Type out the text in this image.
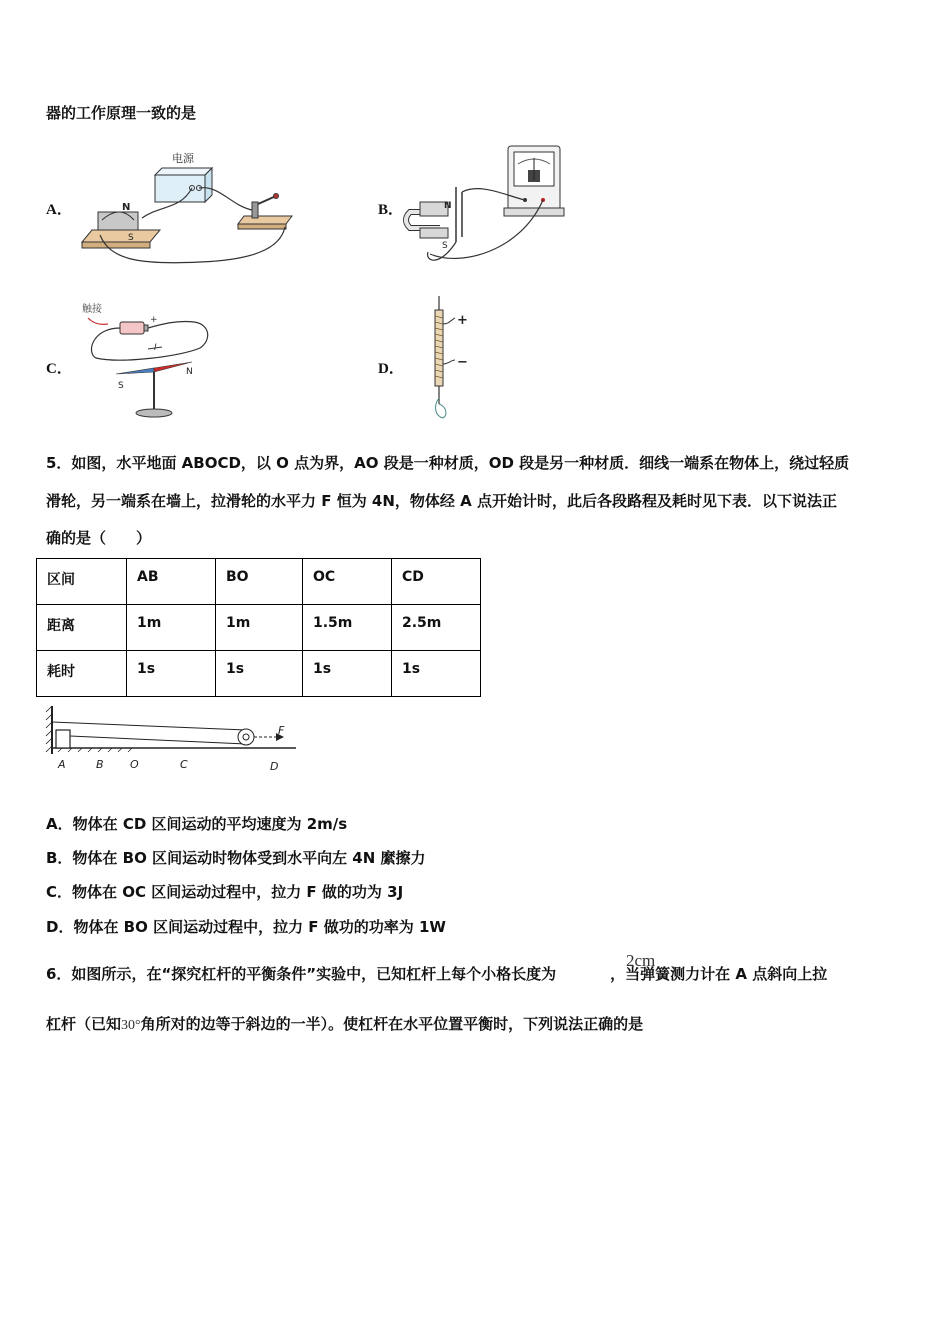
器的工作原理一致的是
A．
电源
N
S
B．	N
S
C．
触接
+
S
N	D．
+
−
5．如图，水平地面 ABOCD，以 O 点为界，AO 段是一种材质，OD 段是另一种材质．细线一端系在物体上，绕过轻质
滑轮，另一端系在墙上，拉滑轮的水平力 F 恒为 4N，物体经 A 点开始计时，此后各段路程及耗时见下表．以下说法正
确的是（　　）
区间	AB	BO	OC	CD
距离	1m	1m	1.5m	2.5m
耗时	1s	1s	1s	1s
F
A	B O	C	D
A．物体在 CD 区间运动的平均速度为 2m/s
B．物体在 BO 区间运动时物体受到水平向左 4N 縻擦力
C．物体在 OC 区间运动过程中，拉力 F 做的功为 3J
D．物体在 BO 区间运动过程中，拉力 F 做功的功率为 1W
6．如图所示，在“探究杠杆的平衡条件”实验中，已知杠杆上每个小格长度为	，当弹簧测力计在 A 点斜向上拉
2cm
杠杆（已知30°角所对的边等于斜边的一半）。使杠杆在水平位置平衡时，下列说法正确的是
